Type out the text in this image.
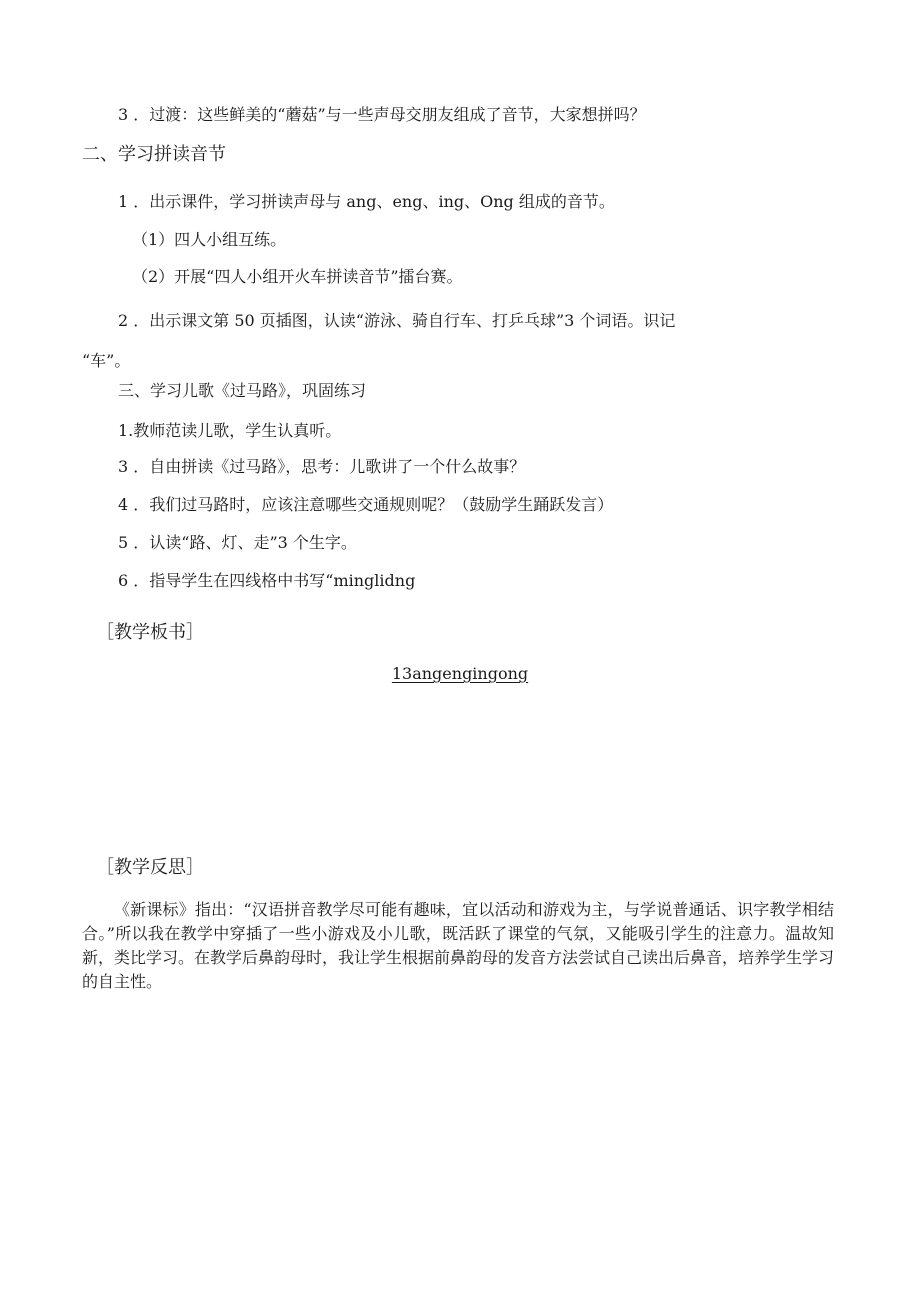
3 ．过渡：这些鲜美的“蘑菇”与一些声母交朋友组成了音节，大家想拼吗？
二、学习拼读音节
1 ．出示课件，学习拼读声母与 ang、eng、ing、Ong 组成的音节。
（1）四人小组互练。
（2）开展“四人小组开火车拼读音节”擂台赛。
2 ．出示课文第 50 页插图，认读“游泳、骑自行车、打乒乓球”3 个词语。识记
“车”。
三、学习儿歌《过马路》，巩固练习
1.教师范读儿歌，学生认真听。
3 ．自由拼读《过马路》，思考：儿歌讲了一个什么故事？
4 ．我们过马路时，应该注意哪些交通规则呢？（鼓励学生踊跃发言）
5 ．认读“路、灯、走”3 个生字。
6 ．指导学生在四线格中书写“minglidng
［教学板书］
13angengingong
［教学反思］
《新课标》指出：“汉语拼音教学尽可能有趣味，宜以活动和游戏为主，与学说普通话、识字教学相结合。”所以我在教学中穿插了一些小游戏及小儿歌，既活跃了课堂的气氛，又能吸引学生的注意力。温故知新，类比学习。在教学后鼻韵母时，我让学生根据前鼻韵母的发音方法尝试自己读出后鼻音，培养学生学习的自主性。
